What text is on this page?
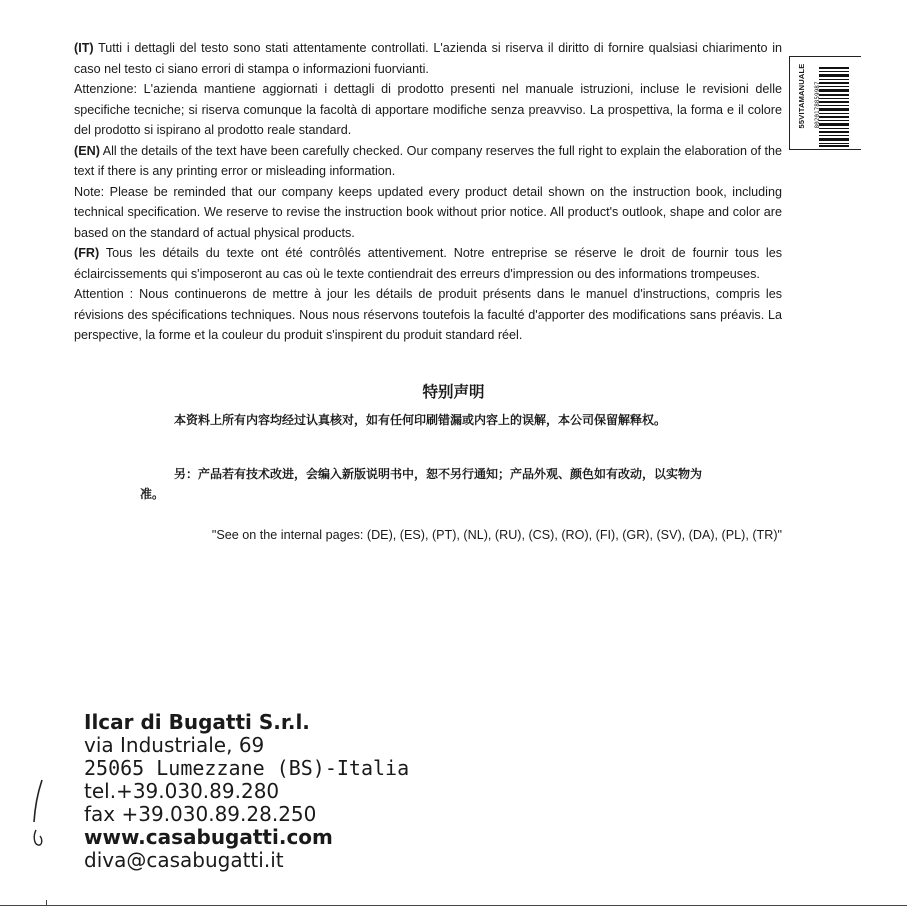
(IT) Tutti i dettagli del testo sono stati attentamente controllati. L'azienda si riserva il diritto di fornire qualsiasi chiarimento in caso nel testo ci siano errori di stampa o informazioni fuorvianti.

Attenzione: L'azienda mantiene aggiornati i dettagli di prodotto presenti nel manuale istruzioni, incluse le revisioni delle specifiche tecniche; si riserva comunque la facoltà di apportare modifiche senza preavviso. La prospettiva, la forma e il colore del prodotto si ispirano al prodotto reale standard.

(EN) All the details of the text have been carefully checked. Our company reserves the full right to explain the elaboration of the text if there is any printing error or misleading information.

Note: Please be reminded that our company keeps updated every product detail shown on the instruction book, including technical specification. We reserve to revise the instruction book without prior notice. All product's outlook, shape and color are based on the standard of actual physical products.

(FR) Tous les détails du texte ont été contrôlés attentivement. Notre entreprise se réserve le droit de fournir tous les éclaircissements qui s'imposeront au cas où le texte contiendrait des erreurs d'impression ou des informations trompeuses.

Attention : Nous continuerons de mettre à jour les détails de produit présents dans le manuel d'instructions, compris les révisions des spécifications techniques. Nous nous réservons toutefois la faculté d'apporter des modifications sans préavis. La perspective, la forme et la couleur du produit s'inspirent du produit standard réel.

55VITAMANUALE	8020178859987
特别声明
本资料上所有内容均经过认真核对，如有任何印刷错漏或内容上的误解，本公司保留解释权。
另：产品若有技术改进，会编入新版说明书中，恕不另行通知；产品外观、颜色如有改动，以实物为准。
"See on the internal pages: (DE), (ES), (PT), (NL), (RU), (CS), (RO), (FI), (GR), (SV), (DA), (PL), (TR)"
Ilcar di Bugatti S.r.l.
via Industriale, 69
25065 Lumezzane (BS)-Italia
tel.+39.030.89.280
fax +39.030.89.28.250
www.casabugatti.com
diva@casabugatti.it
